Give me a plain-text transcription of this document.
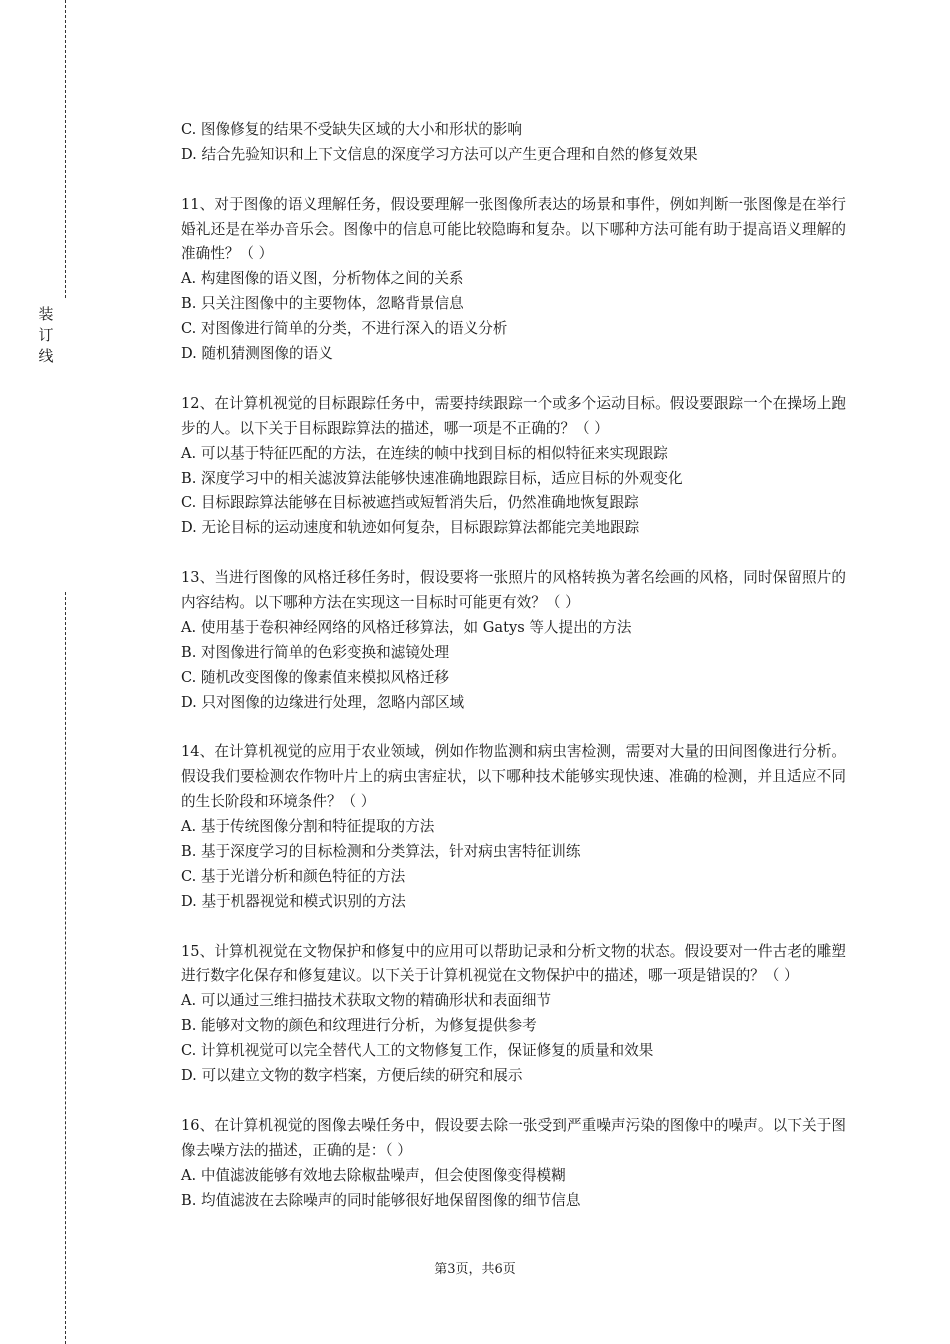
装订线
C. 图像修复的结果不受缺失区域的大小和形状的影响
D. 结合先验知识和上下文信息的深度学习方法可以产生更合理和自然的修复效果
11、对于图像的语义理解任务，假设要理解一张图像所表达的场景和事件，例如判断一张图像是在举行婚礼还是在举办音乐会。图像中的信息可能比较隐晦和复杂。以下哪种方法可能有助于提高语义理解的准确性？（ ）
A. 构建图像的语义图，分析物体之间的关系
B. 只关注图像中的主要物体，忽略背景信息
C. 对图像进行简单的分类，不进行深入的语义分析
D. 随机猜测图像的语义
12、在计算机视觉的目标跟踪任务中，需要持续跟踪一个或多个运动目标。假设要跟踪一个在操场上跑步的人。以下关于目标跟踪算法的描述，哪一项是不正确的？（ ）
A. 可以基于特征匹配的方法，在连续的帧中找到目标的相似特征来实现跟踪
B. 深度学习中的相关滤波算法能够快速准确地跟踪目标，适应目标的外观变化
C. 目标跟踪算法能够在目标被遮挡或短暂消失后，仍然准确地恢复跟踪
D. 无论目标的运动速度和轨迹如何复杂，目标跟踪算法都能完美地跟踪
13、当进行图像的风格迁移任务时，假设要将一张照片的风格转换为著名绘画的风格，同时保留照片的内容结构。以下哪种方法在实现这一目标时可能更有效？（ ）
A. 使用基于卷积神经网络的风格迁移算法，如 Gatys 等人提出的方法
B. 对图像进行简单的色彩变换和滤镜处理
C. 随机改变图像的像素值来模拟风格迁移
D. 只对图像的边缘进行处理，忽略内部区域
14、在计算机视觉的应用于农业领域，例如作物监测和病虫害检测，需要对大量的田间图像进行分析。假设我们要检测农作物叶片上的病虫害症状，以下哪种技术能够实现快速、准确的检测，并且适应不同的生长阶段和环境条件？（ ）
A. 基于传统图像分割和特征提取的方法
B. 基于深度学习的目标检测和分类算法，针对病虫害特征训练
C. 基于光谱分析和颜色特征的方法
D. 基于机器视觉和模式识别的方法
15、计算机视觉在文物保护和修复中的应用可以帮助记录和分析文物的状态。假设要对一件古老的雕塑进行数字化保存和修复建议。以下关于计算机视觉在文物保护中的描述，哪一项是错误的？（ ）
A. 可以通过三维扫描技术获取文物的精确形状和表面细节
B. 能够对文物的颜色和纹理进行分析，为修复提供参考
C. 计算机视觉可以完全替代人工的文物修复工作，保证修复的质量和效果
D. 可以建立文物的数字档案，方便后续的研究和展示
16、在计算机视觉的图像去噪任务中，假设要去除一张受到严重噪声污染的图像中的噪声。以下关于图像去噪方法的描述，正确的是：（ ）
A. 中值滤波能够有效地去除椒盐噪声，但会使图像变得模糊
B. 均值滤波在去除噪声的同时能够很好地保留图像的细节信息
第3页，共6页
